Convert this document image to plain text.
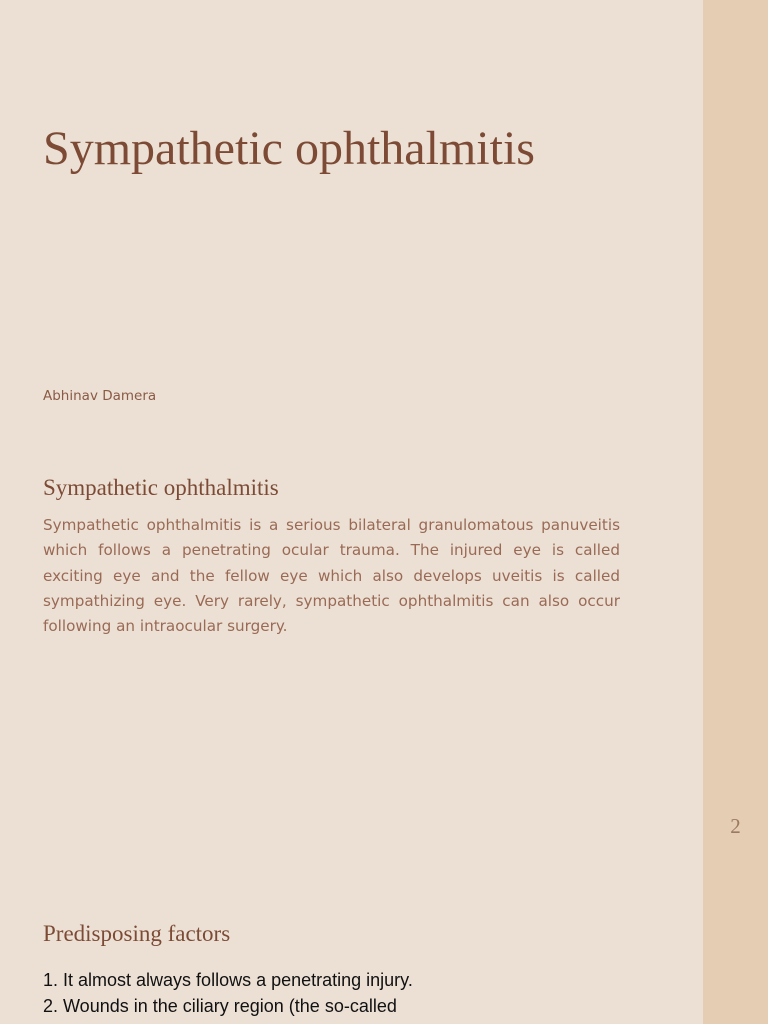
2
Sympathetic ophthalmitis
Abhinav Damera
Sympathetic ophthalmitis

Sympathetic ophthalmitis is a serious bilateral granulomatous panuveitis which follows a penetrating ocular trauma. The injured eye is called exciting eye and the fellow eye which also develops uveitis is called sympathizing eye. Very rarely, sympathetic ophthalmitis can also occur following an intraocular surgery.

Predisposing factors
1. It almost always follows a penetrating injury.
2. Wounds in the ciliary region (the so-called
